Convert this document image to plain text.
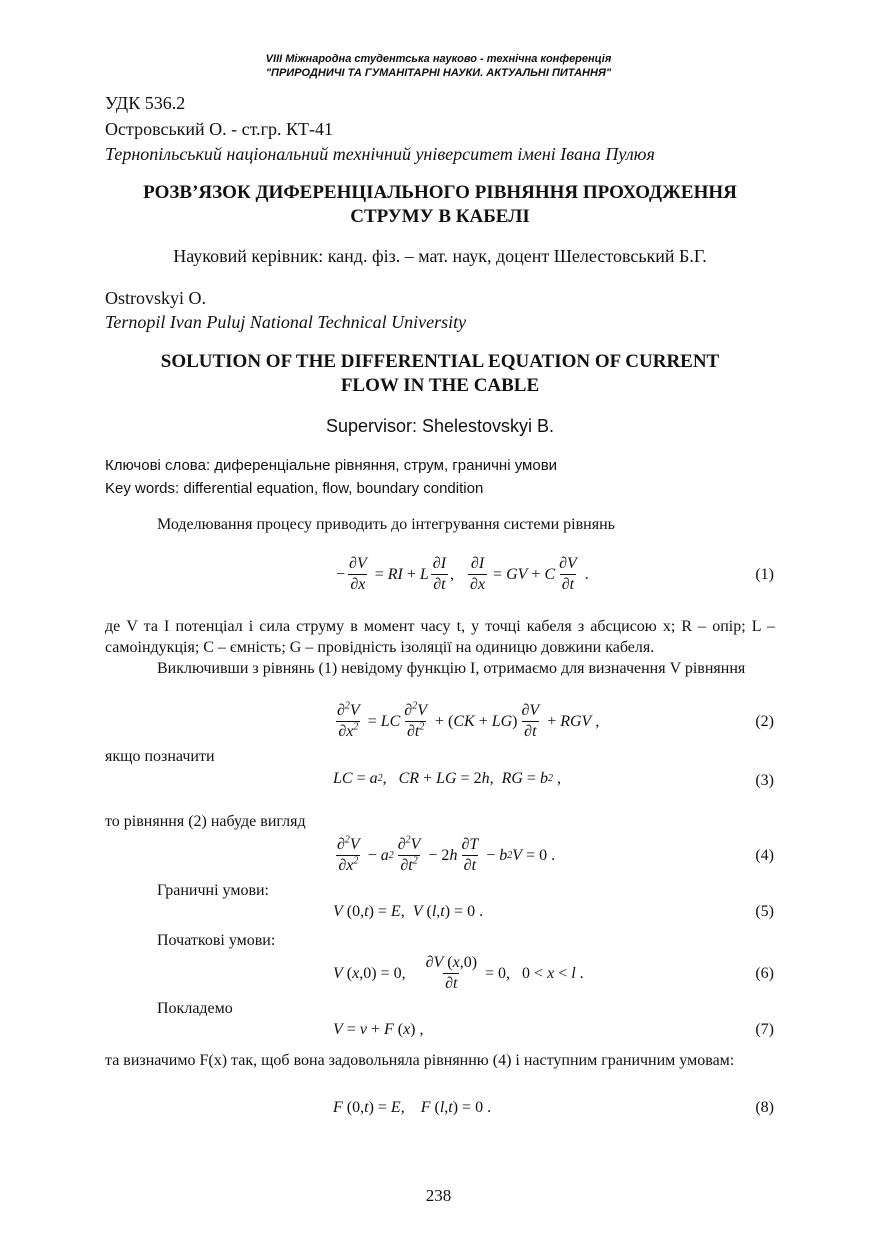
VIII Міжнародна студентська науково - технічна конференція
"ПРИРОДНИЧІ ТА ГУМАНІТАРНІ НАУКИ. АКТУАЛЬНІ ПИТАННЯ"
УДК 536.2
Островський О. - ст.гр. КТ-41
Тернопільський національний технічний університет імені Івана Пулюя
РОЗВ’ЯЗОК ДИФЕРЕНЦІАЛЬНОГО РІВНЯННЯ ПРОХОДЖЕННЯ
СТРУМУ В КАБЕЛІ
Науковий керівник: канд. фіз. – мат. наук, доцент Шелестовський Б.Г.
Ostrovskyi O.
Ternopil Ivan Puluj National Technical University
SOLUTION OF THE DIFFERENTIAL EQUATION OF CURRENT
FLOW IN THE CABLE
Supervisor: Shelestovskyi B.
Ключові слова: диференціальне рівняння, струм, граничні умови
Key words: differential equation, flow, boundary condition
Моделювання процесу приводить до інтегрування системи рівнянь
− $\frac{\partial V}{\partial x}$ = RI + L $\frac{\partial I}{\partial t}$ , $\frac{\partial I}{\partial x}$ = GV + C $\frac{\partial V}{\partial t}$ .	(1)
де V та I потенціал і сила струму в момент часу t, у точці кабеля з абсцисою x; R – опір; L – самоіндукція; C – ємність; G – провідність ізоляції на одиницю довжини кабеля.
Виключивши з рівнянь (1) невідому функцію I, отримаємо для визначення V рівняння
$\frac{\partial^2V}{\partial x^2}$ = LC $\frac{\partial^2V}{\partial t^2}$ + ( CK + LG ) $\frac{\partial V}{\partial t}$ + RGV ,	(2)
якщо позначити
LC = a 2 , CR + LG = 2 h , RG = b 2 ,	(3)
то рівняння (2) набуде вигляд
$\frac{\partial^2V}{\partial x^2} - a$ $2 \frac{\partial^2V}{\partial t^2} - 2$ h $\frac{\partial T}{\partial t} - b$ 2 V = 0 .	(4)
Граничні умови:
V (0, t ) = E , V ( l , t ) = 0 .	(5)
Початкові умови:
V ( x ,0) = 0, $\frac{\partial V (x,0)}{\partial t} = 0$,   0 < x < l .	(6)
Покладемо
V = v + F ( x ) ,	(7)
та визначимо F(x) так, щоб вона задовольняла рівнянню (4) і наступним граничним умовам:
F (0, t ) = E , F ( l , t ) = 0 .	(8)
238
